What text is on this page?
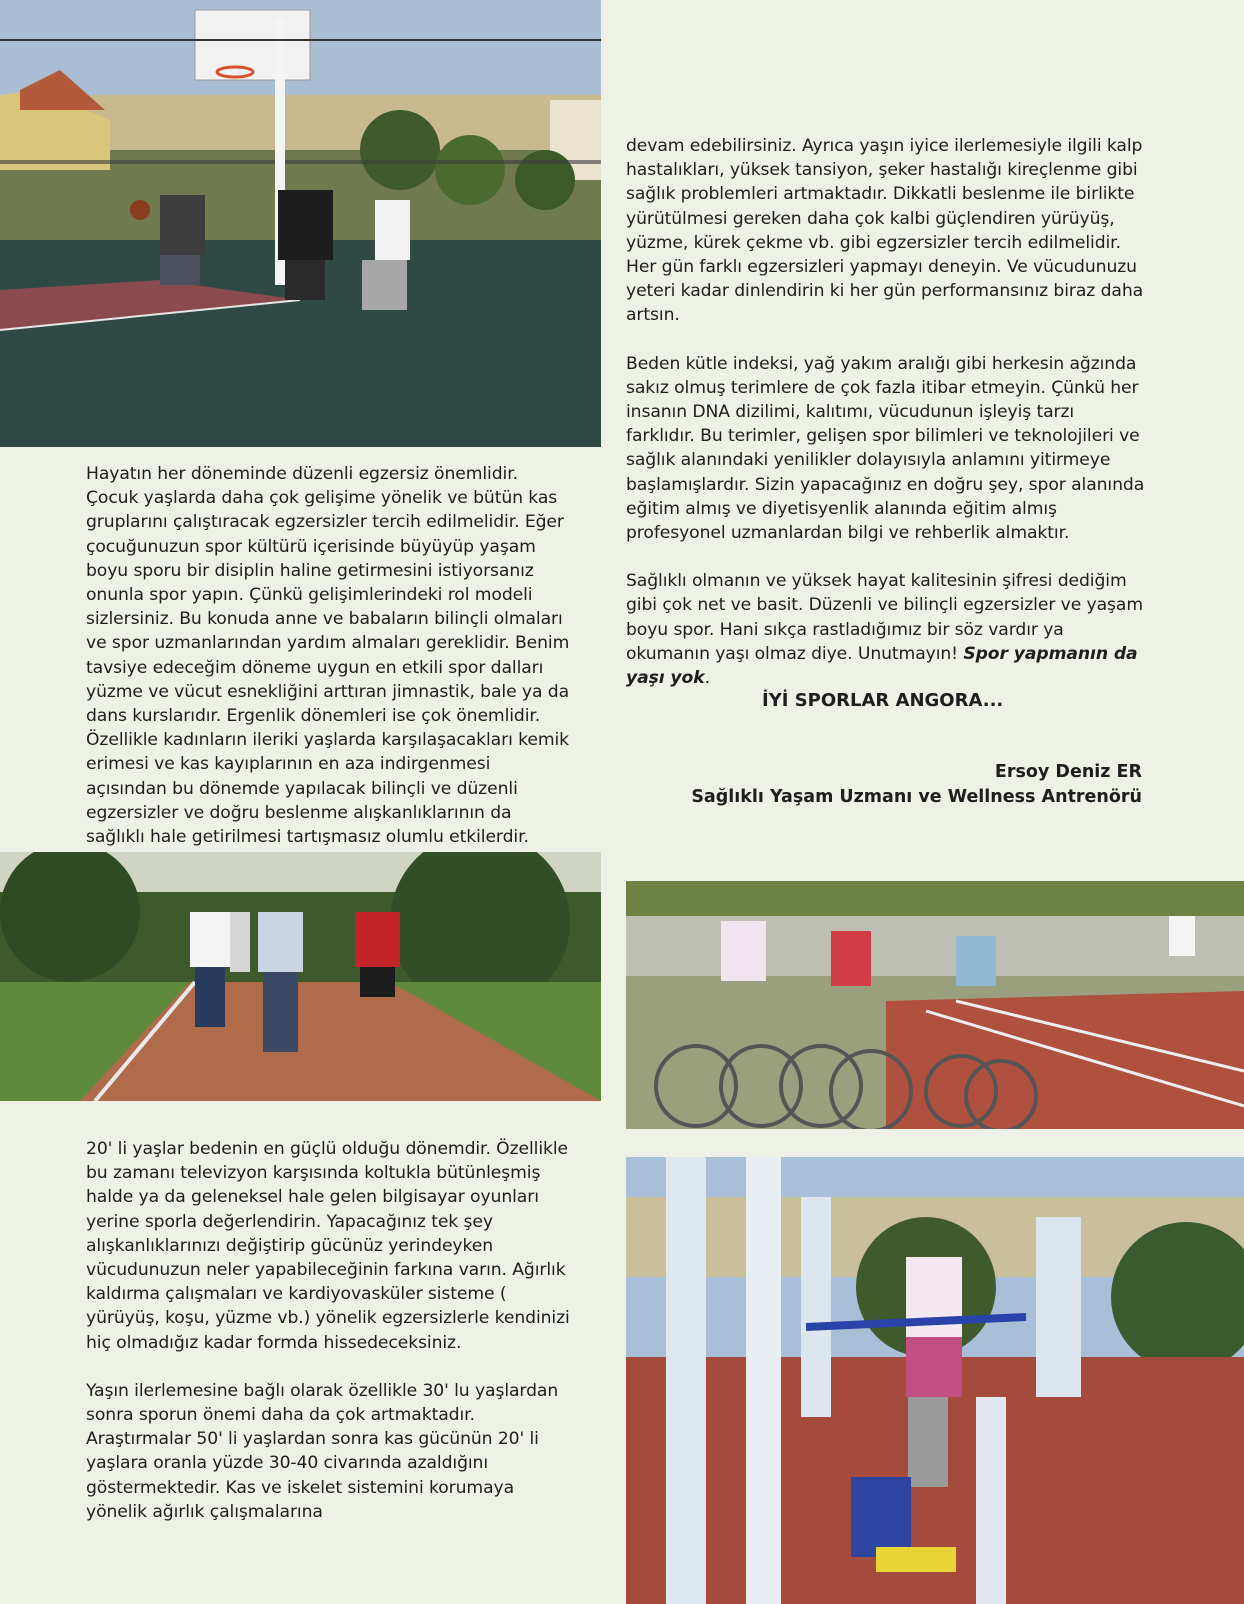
Hayatın her döneminde düzenli egzersiz önemlidir. Çocuk yaşlarda daha çok gelişime yönelik ve bütün kas gruplarını çalıştıracak egzersizler tercih edilmelidir. Eğer çocuğunuzun spor kültürü içerisinde büyüyüp yaşam boyu sporu bir disiplin haline getirmesini istiyorsanız onunla spor yapın. Çünkü gelişimlerindeki rol modeli sizlersiniz. Bu konuda anne ve babaların bilinçli olmaları ve spor uzmanlarından yardım almaları gereklidir. Benim tavsiye edeceğim döneme uygun en etkili spor dalları yüzme ve vücut esnekliğini arttıran jimnastik, bale ya da dans kurslarıdır. Ergenlik dönemleri ise çok önemlidir. Özellikle kadınların ileriki yaşlarda karşılaşacakları kemik erimesi ve kas kayıplarının en aza indirgenmesi açısından bu dönemde yapılacak bilinçli ve düzenli egzersizler ve doğru beslenme alışkanlıklarının da sağlıklı hale getirilmesi tartışmasız olumlu etkilerdir.

20' li yaşlar bedenin en güçlü olduğu dönemdir. Özellikle bu zamanı televizyon karşısında koltukla bütünleşmiş halde ya da geleneksel hale gelen bilgisayar oyunları yerine sporla değerlendirin. Yapacağınız tek şey alışkanlıklarınızı değiştirip gücünüz yerindeyken vücudunuzun neler yapabileceğinin farkına varın. Ağırlık kaldırma çalışmaları ve kardiyovasküler sisteme ( yürüyüş, koşu, yüzme vb.) yönelik egzersizlerle kendinizi hiç olmadığız kadar formda hissedeceksiniz.

Yaşın ilerlemesine bağlı olarak özellikle 30' lu yaşlardan sonra sporun önemi daha da çok artmaktadır. Araştırmalar 50' li yaşlardan sonra kas gücünün 20' li yaşlara oranla yüzde 30-40 civarında azaldığını göstermektedir. Kas ve iskelet sistemini korumaya yönelik ağırlık çalışmalarına

devam edebilirsiniz. Ayrıca yaşın iyice ilerlemesiyle ilgili kalp hastalıkları, yüksek tansiyon, şeker hastalığı kireçlenme gibi sağlık problemleri artmaktadır. Dikkatli beslenme ile birlikte yürütülmesi gereken daha çok kalbi güçlendiren yürüyüş, yüzme, kürek çekme vb. gibi egzersizler tercih edilmelidir. Her gün farklı egzersizleri yapmayı deneyin. Ve vücudunuzu yeteri kadar dinlendirin ki her gün performansınız biraz daha artsın.

Beden kütle indeksi, yağ yakım aralığı gibi herkesin ağzında sakız olmuş terimlere de çok fazla itibar etmeyin. Çünkü her insanın DNA dizilimi, kalıtımı, vücudunun işleyiş tarzı farklıdır. Bu terimler, gelişen spor bilimleri ve teknolojileri ve sağlık alanındaki yenilikler dolayısıyla anlamını yitirmeye başlamışlardır. Sizin yapacağınız en doğru şey, spor alanında eğitim almış ve diyetisyenlik alanında eğitim almış profesyonel uzmanlardan bilgi ve rehberlik almaktır.

Sağlıklı olmanın ve yüksek hayat kalitesinin şifresi dediğim gibi çok net ve basit. Düzenli ve bilinçli egzersizler ve yaşam boyu spor. Hani sıkça rastladığımız bir söz vardır ya okumanın yaşı olmaz diye. Unutmayın! Spor yapmanın da yaşı yok.

İYİ SPORLAR ANGORA...
Ersoy Deniz ER
Sağlıklı Yaşam Uzmanı ve Wellness Antrenörü
